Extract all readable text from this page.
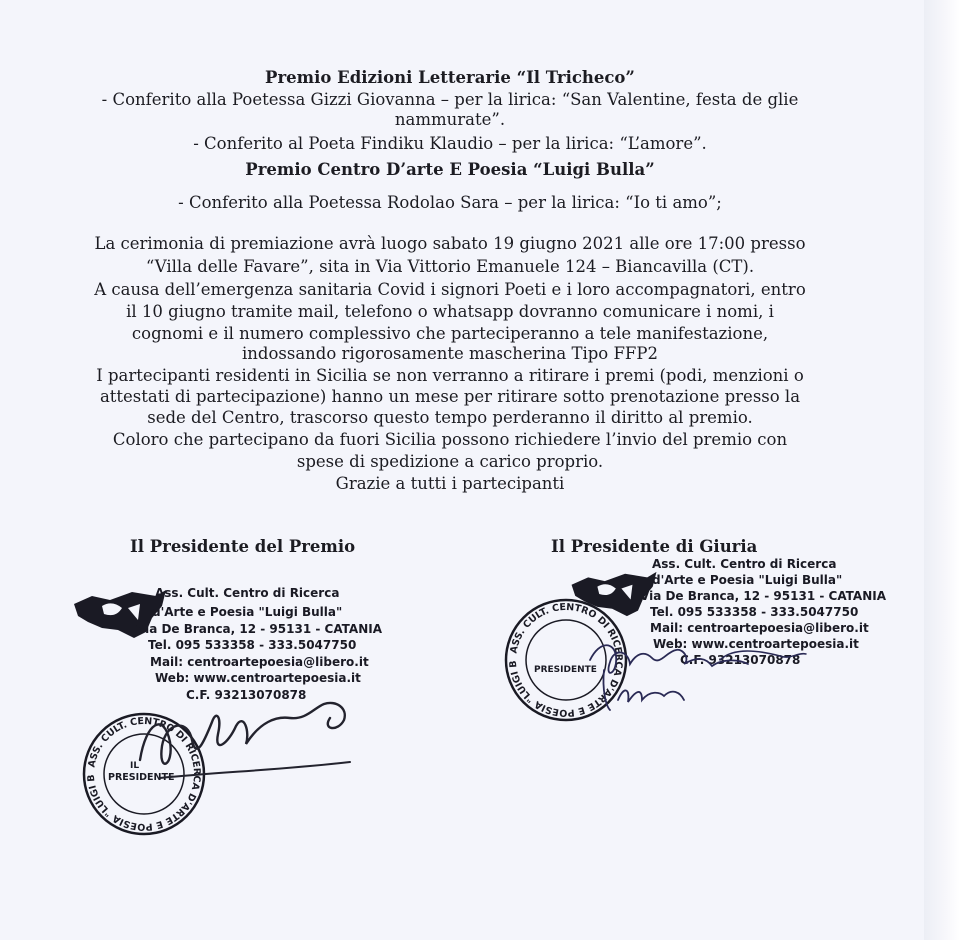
Premio Edizioni Letterarie “Il Tricheco”
- Conferito alla Poetessa Gizzi Giovanna – per la lirica: “San Valentine, festa de glie
nammurate”.
- Conferito al Poeta Findiku Klaudio – per la lirica: “L’amore”.
Premio Centro D’arte E Poesia “Luigi Bulla”
- Conferito alla Poetessa Rodolao Sara – per la lirica: “Io ti amo”;
La cerimonia di premiazione avrà luogo sabato 19 giugno 2021 alle ore 17:00 presso
“Villa delle Favare”, sita in Via Vittorio Emanuele 124 – Biancavilla (CT).
A causa dell’emergenza sanitaria Covid i signori Poeti e i loro accompagnatori, entro
il 10 giugno tramite mail, telefono o whatsapp dovranno comunicare i nomi, i
cognomi e il numero complessivo che parteciperanno a tele manifestazione,
indossando rigorosamente mascherina Tipo FFP2
I partecipanti residenti in Sicilia se non verranno a ritirare i premi (podi, menzioni o
attestati di partecipazione) hanno un mese per ritirare sotto prenotazione presso la
sede del Centro, trascorso questo tempo perderanno il diritto al premio.
Coloro che partecipano da fuori Sicilia possono richiedere l’invio del premio con
spese di spedizione a carico proprio.
Grazie a tutti i partecipanti
Il Presidente del Premio	Il Presidente di Giuria
Ass. Cult. Centro di Ricerca
d'Arte e Poesia "Luigi Bulla"
Via De Branca, 12 - 95131 - CATANIA
Tel. 095 533358 - 333.5047750
Mail: centroartepoesia@libero.it
Web: www.centroartepoesia.it
C.F. 93213070878
ASS. CULT. CENTRO DI RICERCA D'ARTE E POESIA "LUIGI BULLA"
IL
PRESIDENTE
Ass. Cult. Centro di Ricerca
d'Arte e Poesia "Luigi Bulla"
Via De Branca, 12 - 95131 - CATANIA
Tel. 095 533358 - 333.5047750
Mail: centroartepoesia@libero.it
Web: www.centroartepoesia.it
C.F. 93213070878
ASS. CULT. CENTRO DI RICERCA D'ARTE E POESIA "LUIGI BULLA"
PRESIDENTE
